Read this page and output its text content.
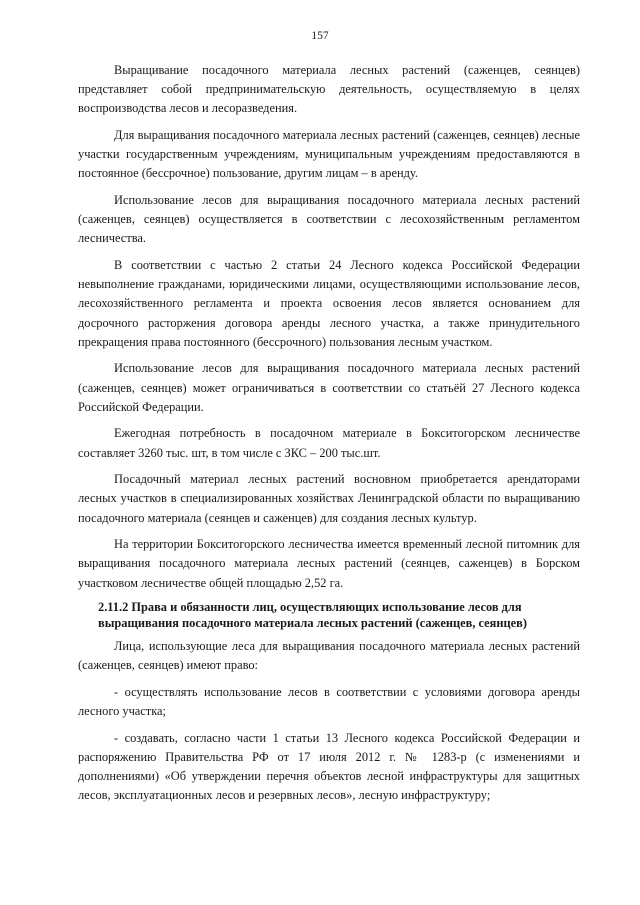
157

Выращивание посадочного материала лесных растений (саженцев, сеянцев) представляет собой предпринимательскую деятельность, осуществляемую в целях воспроизводства лесов и лесоразведения.

Для выращивания посадочного материала лесных растений (саженцев, сеянцев) лесные участки государственным учреждениям, муниципальным учреждениям предоставляются в постоянное (бессрочное) пользование, другим лицам – в аренду.

Использование лесов для выращивания посадочного материала лесных растений (саженцев, сеянцев) осуществляется в соответствии с лесохозяйственным регламентом лесничества.

В соответствии с частью 2 статьи 24 Лесного кодекса Российской Федерации невыполнение гражданами, юридическими лицами, осуществляющими использование лесов, лесохозяйственного регламента и проекта освоения лесов является основанием для досрочного расторжения договора аренды лесного участка, а также принудительного прекращения права постоянного (бессрочного) пользования лесным участком.

Использование лесов для выращивания посадочного материала лесных растений (саженцев, сеянцев) может ограничиваться в соответствии со статьёй 27 Лесного кодекса Российской Федерации.

Ежегодная потребность в посадочном материале в Бокситогорском лесничестве составляет 3260 тыс. шт, в том числе с ЗКС – 200 тыс.шт.

Посадочный материал лесных растений восновном приобретается арендаторами лесных участков в специализированных хозяйствах Ленинградской области по выращиванию посадочного материала (сеянцев и саженцев) для создания лесных культур.

На территории Бокситогорского лесничества имеется временный лесной питомник для выращивания посадочного материала лесных растений (сеянцев, саженцев) в Борском участковом лесничестве общей площадью 2,52 га.

2.11.2 Права и обязанности лиц, осуществляющих использование лесов для выращивания посадочного материала лесных растений (саженцев, сеянцев)

Лица, использующие леса для выращивания посадочного материала лесных растений (саженцев, сеянцев) имеют право:

- осуществлять использование лесов в соответствии с условиями договора аренды лесного участка;

- создавать, согласно части 1 статьи 13 Лесного кодекса Российской Федерации и распоряжению Правительства РФ от 17 июля 2012 г. № 1283-р (с изменениями и дополнениями) «Об утверждении перечня объектов лесной инфраструктуры для защитных лесов, эксплуатационных лесов и резервных лесов», лесную инфраструктуру;
